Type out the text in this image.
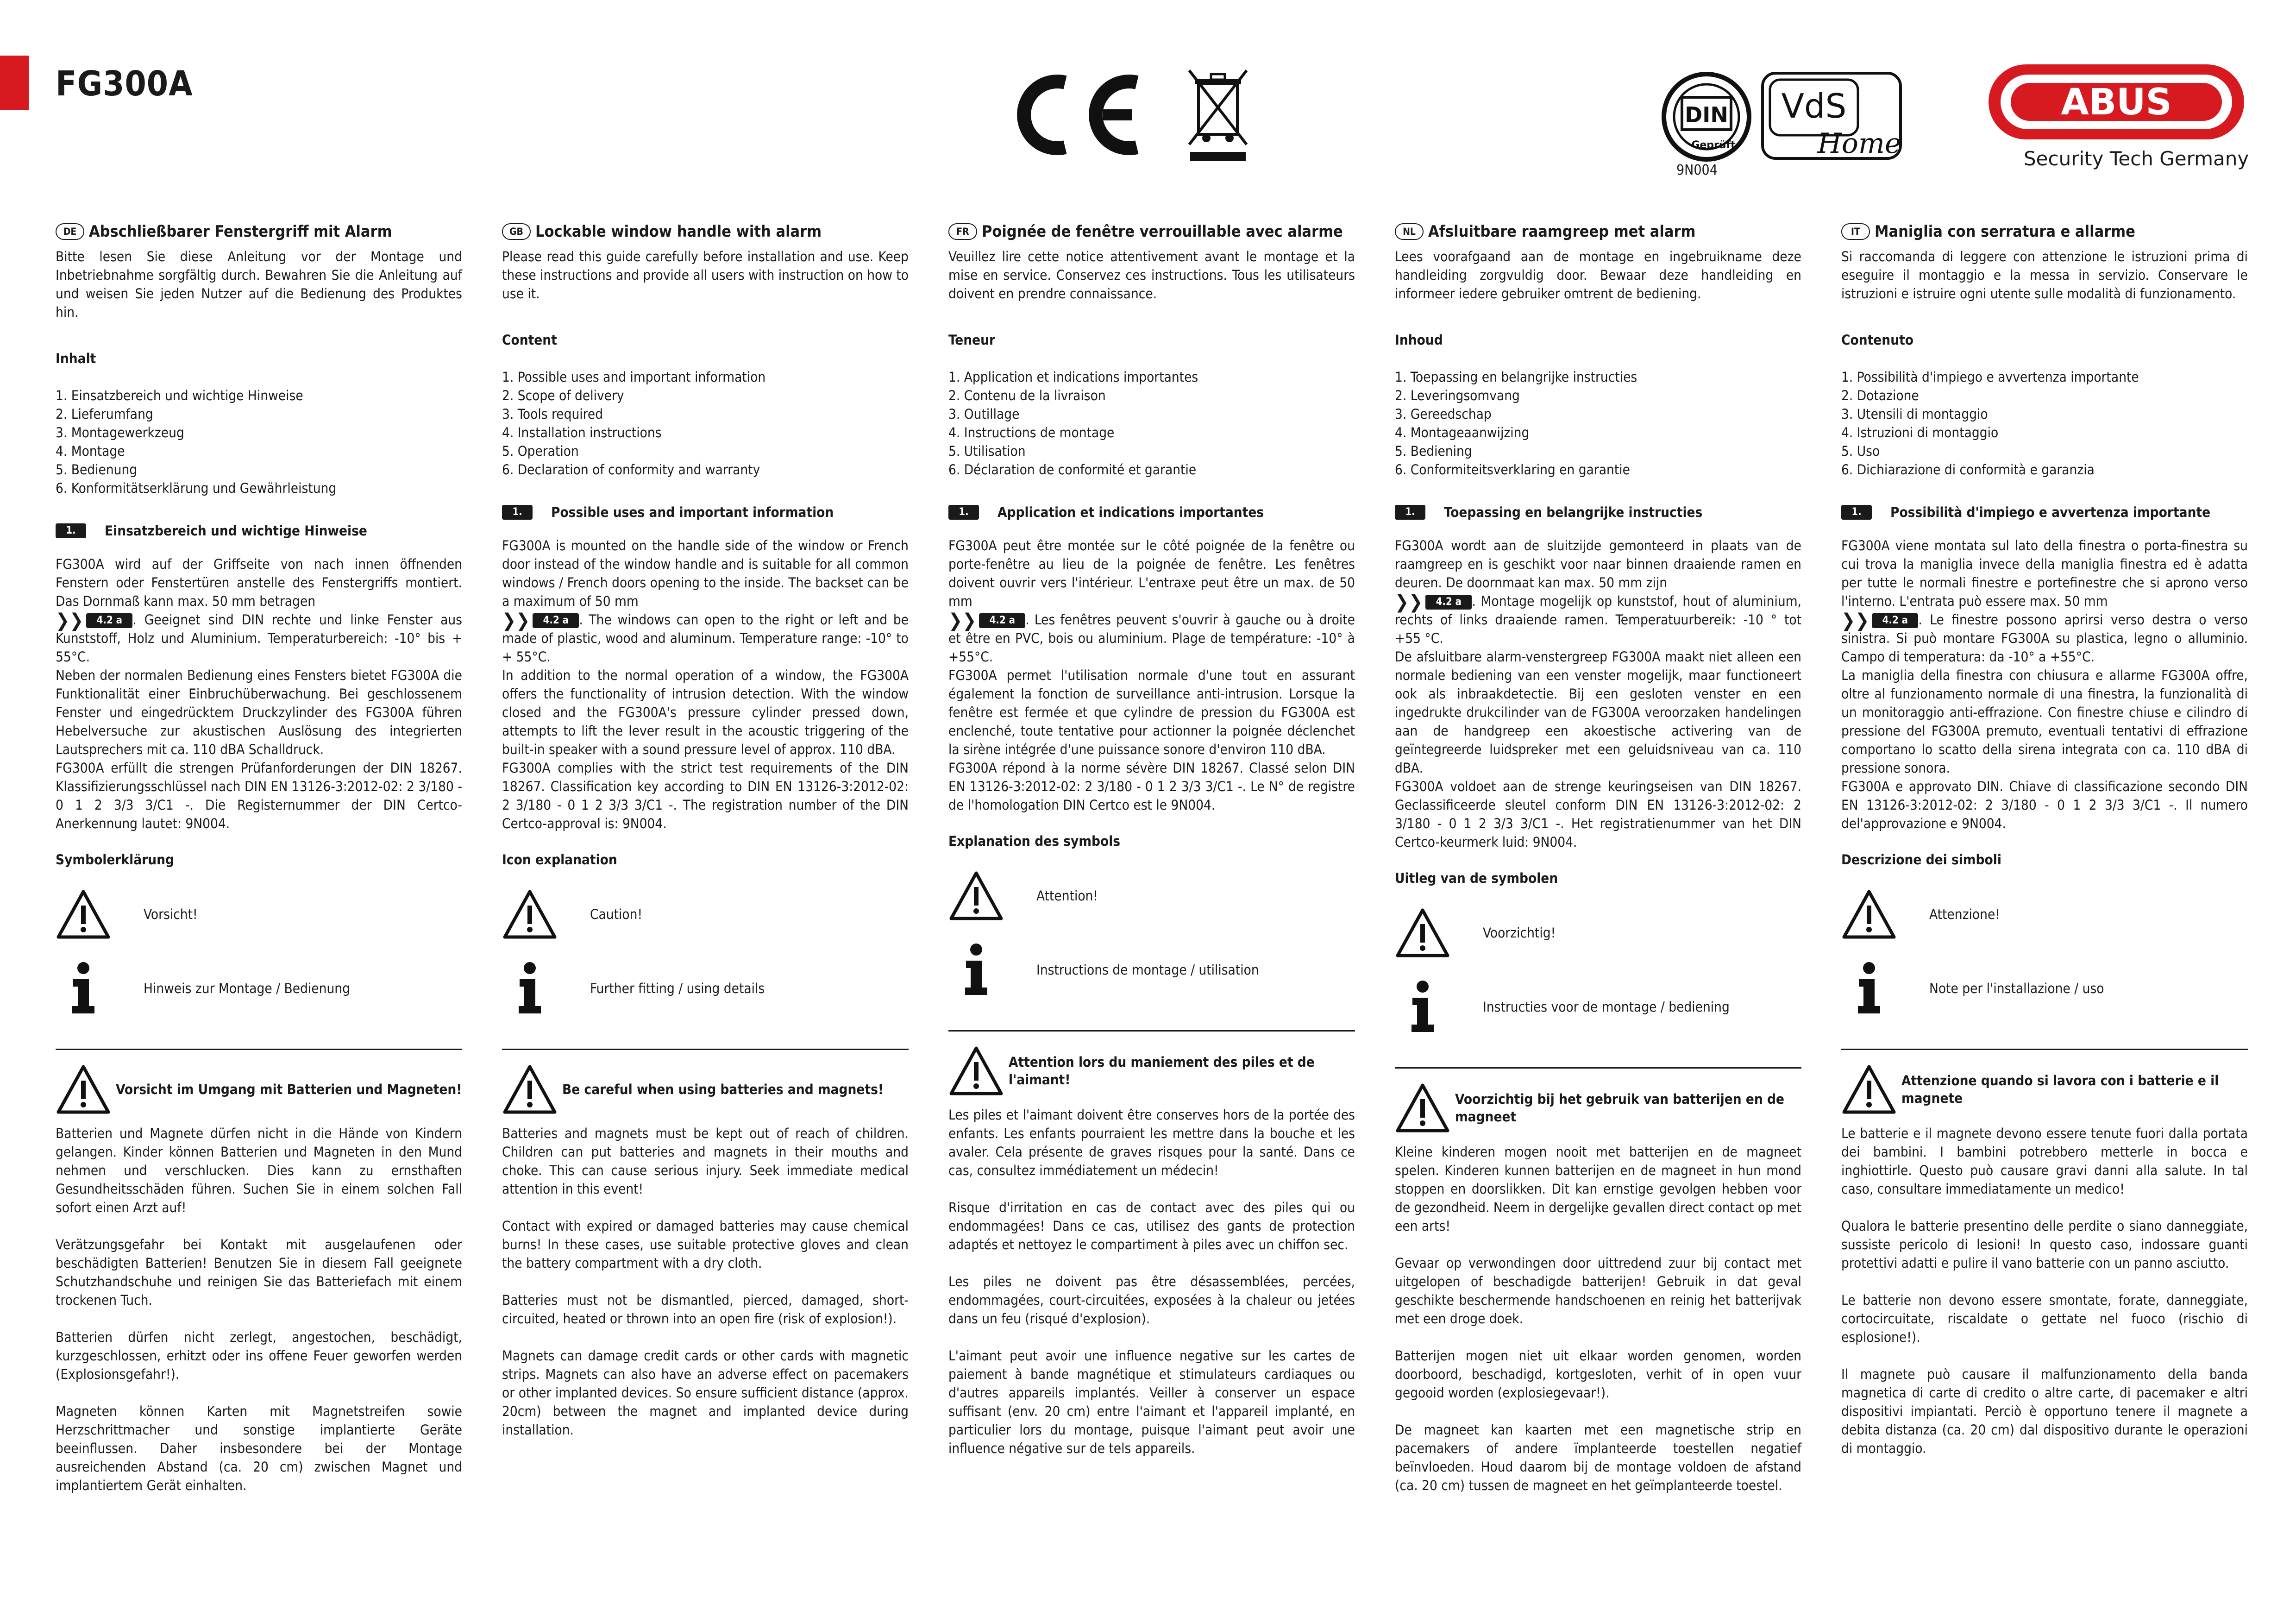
FG300A
DIN
Geprüft
9N004
VdS
Home
ABUS
Security Tech Germany
DE Abschließbarer Fenstergriff mit Alarm
Bitte lesen Sie diese Anleitung vor der Montage und Inbetriebnahme sorgfältig durch. Bewahren Sie die Anleitung auf und weisen Sie jeden Nutzer auf die Bedienung des Produktes hin.
Inhalt
1. Einsatzbereich und wichtige Hinweise
2. Lieferumfang
3. Montagewerkzeug
4. Montage
5. Bedienung
6. Konformitätserklärung und Gewährleistung
1.	Einsatzbereich und wichtige Hinweise
FG300A wird auf der Griffseite von nach innen öffnenden Fenstern oder Fenstertüren anstelle des Fenstergriffs montiert. Das Dornmaß kann max. 50 mm betragen

❯❯	4.2 a . Geeignet sind DIN rechte und linke Fenster aus Kunststoff, Holz und Aluminium. Temperaturbereich: -10° bis + 55°C.
Neben der normalen Bedienung eines Fensters bietet FG300A die Funktionalität einer Einbruchüberwachung. Bei geschlossenem Fenster und eingedrücktem Druckzylinder des FG300A führen Hebelversuche zur akustischen Auslösung des integrierten Lautsprechers mit ca. 110 dBA Schalldruck.
FG300A erfüllt die strengen Prüfanforderungen der DIN 18267. Klassifizierungsschlüssel nach DIN EN 13126-3:2012-02: 2 3/180 - 0 1 2 3/3 3/C1 -. Die Registernummer der DIN Certco-Anerkennung lautet: 9N004.
Symbolerklärung
Vorsicht!
Hinweis zur Montage / Bedienung
Vorsicht im Umgang mit Batterien und Magneten!
Batterien und Magnete dürfen nicht in die Hände von Kindern gelangen. Kinder können Batterien und Magneten in den Mund nehmen und verschlucken. Dies kann zu ernsthaften Gesundheitsschäden führen. Suchen Sie in einem solchen Fall sofort einen Arzt auf!

Verätzungsgefahr bei Kontakt mit ausgelaufenen oder beschädigten Batterien! Benutzen Sie in diesem Fall geeignete Schutzhandschuhe und reinigen Sie das Batteriefach mit einem trockenen Tuch.

Batterien dürfen nicht zerlegt, angestochen, beschädigt, kurzgeschlossen, erhitzt oder ins offene Feuer geworfen werden (Explosionsgefahr!).

Magneten können Karten mit Magnetstreifen sowie Herzschrittmacher und sonstige implantierte Geräte beeinflussen. Daher insbesondere bei der Montage ausreichenden Abstand (ca. 20 cm) zwischen Magnet und implantiertem Gerät einhalten.
GB Lockable window handle with alarm
Please read this guide carefully before installation and use. Keep these instructions and provide all users with instruction on how to use it.
Content
1. Possible uses and important information
2. Scope of delivery
3. Tools required
4. Installation instructions
5. Operation
6. Declaration of conformity and warranty
1.	Possible uses and important information
FG300A is mounted on the handle side of the window or French door instead of the window handle and is suitable for all common windows / French doors opening to the inside. The backset can be a maximum of 50 mm

❯❯	4.2 a . The windows can open to the right or left and be made of plastic, wood and aluminum. Temperature range: -10° to + 55°C.
In addition to the normal operation of a window, the FG300A offers the functionality of intrusion detection. With the window closed and the FG300A's pressure cylinder pressed down, attempts to lift the lever result in the acoustic triggering of the built-in speaker with a sound pressure level of approx. 110 dBA.
FG300A complies with the strict test requirements of the DIN 18267. Classification key according to DIN EN 13126-3:2012-02: 2 3/180 - 0 1 2 3/3 3/C1 -. The registration number of the DIN Certco-approval is: 9N004.
Icon explanation
Caution!
Further fitting / using details
Be careful when using batteries and magnets!
Batteries and magnets must be kept out of reach of children. Children can put batteries and magnets in their mouths and choke. This can cause serious injury. Seek immediate medical attention in this event!

Contact with expired or damaged batteries may cause chemical burns! In these cases, use suitable protective gloves and clean the battery compartment with a dry cloth.

Batteries must not be dismantled, pierced, damaged, short-circuited, heated or thrown into an open fire (risk of explosion!).

Magnets can damage credit cards or other cards with magnetic strips. Magnets can also have an adverse effect on pacemakers or other implanted devices. So ensure sufficient distance (approx. 20cm) between the magnet and implanted device during installation.
FR Poignée de fenêtre verrouillable avec alarme
Veuillez lire cette notice attentivement avant le montage et la mise en service. Conservez ces instructions. Tous les utilisateurs doivent en prendre connaissance.
Teneur
1. Application et indications importantes
2. Contenu de la livraison
3. Outillage
4. Instructions de montage
5. Utilisation
6. Déclaration de conformité et garantie
1.	Application et indications importantes
FG300A peut être montée sur le côté poignée de la fenêtre ou porte-fenêtre au lieu de la poignée de fenêtre. Les fenêtres doivent ouvrir vers l'intérieur. L'entraxe peut être un max. de 50 mm

❯❯	4.2 a . Les fenêtres peuvent s'ouvrir à gauche ou à droite et être en PVC, bois ou aluminium. Plage de température: -10° à +55°C.
FG300A permet l'utilisation normale d'une tout en assurant également la fonction de surveillance anti-intrusion. Lorsque la fenêtre est fermée et que cylindre de pression du FG300A est enclenché, toute tentative pour actionner la poignée déclenchet la sirène intégrée d'une puissance sonore d'environ 110 dBA.
FG300A répond à la norme sévère DIN 18267. Classé selon DIN EN 13126-3:2012-02: 2 3/180 - 0 1 2 3/3 3/C1 -. Le N° de registre de l'homologation DIN Certco est le 9N004.
Explanation des symbols
Attention!
Instructions de montage / utilisation
Attention lors du maniement des piles et de l'aimant!
Les piles et l'aimant doivent être conserves hors de la portée des enfants. Les enfants pourraient les mettre dans la bouche et les avaler. Cela présente de graves risques pour la santé. Dans ce cas, consultez immédiatement un médecin!

Risque d'irritation en cas de contact avec des piles qui ou endommagées! Dans ce cas, utilisez des gants de protection adaptés et nettoyez le compartiment à piles avec un chiffon sec.

Les piles ne doivent pas être désassemblées, percées, endommagées, court-circuitées, exposées à la chaleur ou jetées dans un feu (risqué d'explosion).

L'aimant peut avoir une influence negative sur les cartes de paiement à bande magnétique et stimulateurs cardiaques ou d'autres appareils implantés. Veiller à conserver un espace suffisant (env. 20 cm) entre l'aimant et l'appareil implanté, en particulier lors du montage, puisque l'aimant peut avoir une influence négative sur de tels appareils.
NL Afsluitbare raamgreep met alarm
Lees voorafgaand aan de montage en ingebruikname deze handleiding zorgvuldig door. Bewaar deze handleiding en informeer iedere gebruiker omtrent de bediening.
Inhoud
1. Toepassing en belangrijke instructies
2. Leveringsomvang
3. Gereedschap
4. Montageaanwijzing
5. Bediening
6. Conformiteitsverklaring en garantie
1.	Toepassing en belangrijke instructies
FG300A wordt aan de sluitzijde gemonteerd in plaats van de raamgreep en is geschikt voor naar binnen draaiende ramen en deuren. De doornmaat kan max. 50 mm zijn

❯❯	4.2 a . Montage mogelijk op kunststof, hout of aluminium, rechts of links draaiende ramen. Temperatuurbereik: -10 ° tot +55 °C.
De afsluitbare alarm-venstergreep FG300A maakt niet alleen een normale bediening van een venster mogelijk, maar functioneert ook als inbraakdetectie. Bij een gesloten venster en een ingedrukte drukcilinder van de FG300A veroorzaken handelingen aan de handgreep een akoestische activering van de geïntegreerde luidspreker met een geluidsniveau van ca. 110 dBA.
FG300A voldoet aan de strenge keuringseisen van DIN 18267. Geclassificeerde sleutel conform DIN EN 13126-3:2012-02: 2 3/180 - 0 1 2 3/3 3/C1 -. Het registratienummer van het DIN Certco-keurmerk luid: 9N004.
Uitleg van de symbolen
Voorzichtig!
Instructies voor de montage / bediening
Voorzichtig bij het gebruik van batterijen en de magneet
Kleine kinderen mogen nooit met batterijen en de magneet spelen. Kinderen kunnen batterijen en de magneet in hun mond stoppen en doorslikken. Dit kan ernstige gevolgen hebben voor de gezondheid. Neem in dergelijke gevallen direct contact op met een arts!

Gevaar op verwondingen door uittredend zuur bij contact met uitgelopen of beschadigde batterijen! Gebruik in dat geval geschikte beschermende handschoenen en reinig het batterijvak met een droge doek.

Batterijen mogen niet uit elkaar worden genomen, worden doorboord, beschadigd, kortgesloten, verhit of in open vuur gegooid worden (explosiegevaar!).

De magneet kan kaarten met een magnetische strip en pacemakers of andere ïmplanteerde toestellen negatief beïnvloeden. Houd daarom bij de montage voldoen de afstand (ca. 20 cm) tussen de magneet en het geïmplanteerde toestel.
IT Maniglia con serratura e allarme
Si raccomanda di leggere con attenzione le istruzioni prima di eseguire il montaggio e la messa in servizio. Conservare le istruzioni e istruire ogni utente sulle modalità di funzionamento.
Contenuto
1. Possibilità d'impiego e avvertenza importante
2. Dotazione
3. Utensili di montaggio
4. Istruzioni di montaggio
5. Uso
6. Dichiarazione di conformità e garanzia
1.	Possibilità d'impiego e avvertenza importante
FG300A viene montata sul lato della finestra o porta-finestra su cui trova la maniglia invece della maniglia finestra ed è adatta per tutte le normali finestre e portefinestre che si aprono verso l'interno. L'entrata può essere max. 50 mm

❯❯	4.2 a . Le finestre possono aprirsi verso destra o verso sinistra. Si può montare FG300A su plastica, legno o alluminio. Campo di temperatura: da -10° a +55°C.
La maniglia della finestra con chiusura e allarme FG300A offre, oltre al funzionamento normale di una finestra, la funzionalità di un monitoraggio anti-effrazione. Con finestre chiuse e cilindro di pressione del FG300A premuto, eventuali tentativi di effrazione comportano lo scatto della sirena integrata con ca. 110 dBA di pressione sonora.
FG300A e approvato DIN. Chiave di classificazione secondo DIN EN 13126-3:2012-02: 2 3/180 - 0 1 2 3/3 3/C1 -. Il numero del'approvazione e 9N004.
Descrizione dei simboli
Attenzione!
Note per l'installazione / uso
Attenzione quando si lavora con i batterie e il magnete
Le batterie e il magnete devono essere tenute fuori dalla portata dei bambini. I bambini potrebbero metterle in bocca e inghiottirle. Questo può causare gravi danni alla salute. In tal caso, consultare immediatamente un medico!

Qualora le batterie presentino delle perdite o siano danneggiate, sussiste pericolo di lesioni! In questo caso, indossare guanti protettivi adatti e pulire il vano batterie con un panno asciutto.

Le batterie non devono essere smontate, forate, danneggiate, cortocircuitate, riscaldate o gettate nel fuoco (rischio di esplosione!).

Il magnete può causare il malfunzionamento della banda magnetica di carte di credito o altre carte, di pacemaker e altri dispositivi impiantati. Perciò è opportuno tenere il magnete a debita distanza (ca. 20 cm) dal dispositivo durante le operazioni di montaggio.
